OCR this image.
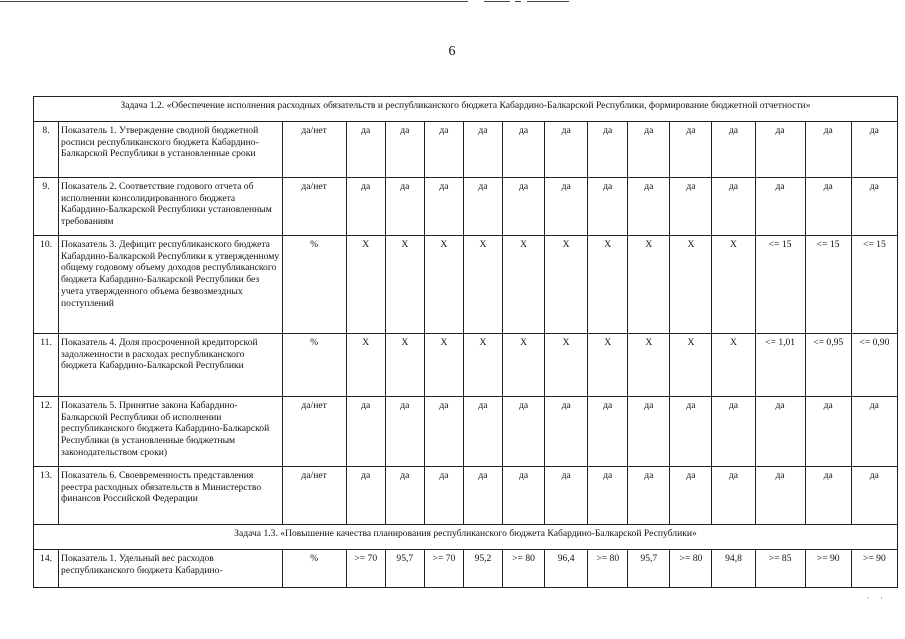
6
Задача 1.2. «Обеспечение исполнения расходных обязательств и республиканского бюджета Кабардино-Балкарской Республики, формирование бюджетной отчетности»															
8.	Показатель 1. Утверждение сводной бюджетной росписи республиканского бюджета Кабардино-Балкарской Республики в установленные сроки	да/нет	да	да	да	да	да	да	да	да	да	да	да	да	да
9.	Показатель 2. Соответствие годового отчета об исполнении консолидированного бюджета Кабардино-Балкарской Республики установленным требованиям	да/нет	да	да	да	да	да	да	да	да	да	да	да	да	да
10.	Показатель 3. Дефицит республиканского бюджета Кабардино-Балкарской Республики к утвержденному общему годовому объему доходов республиканского бюджета Кабардино-Балкарской Республики без учета утвержденного объема безвозмездных поступлений	%	Х	Х	Х	Х	Х	Х	Х	Х	Х	Х	<= 15	<= 15	<= 15
11.	Показатель 4. Доля просроченной кредиторской задолженности в расходах республиканского бюджета Кабардино-Балкарской Республики	%	Х	Х	Х	Х	Х	Х	Х	Х	Х	Х	<= 1,01	<= 0,95	<= 0,90
12.	Показатель 5. Принятие закона Кабардино-Балкарской Республики об исполнении республиканского бюджета Кабардино-Балкарской Республики (в установленные бюджетным законодательством сроки)	да/нет	да	да	да	да	да	да	да	да	да	да	да	да	да
13.	Показатель 6. Своевременность представления реестра расходных обязательств в Министерство финансов Российской Федерации	да/нет	да	да	да	да	да	да	да	да	да	да	да	да	да
Задача 1.3. «Повышение качества планирования республиканского бюджета Кабардино-Балкарской Республики»															
14.	Показатель 1. Удельный вес расходов республиканского бюджета Кабардино-	%	>= 70	95,7	>= 70	95,2	>= 80	96,4	>= 80	95,7	>= 80	94,8	>= 85	>= 90	>= 90
· ·
